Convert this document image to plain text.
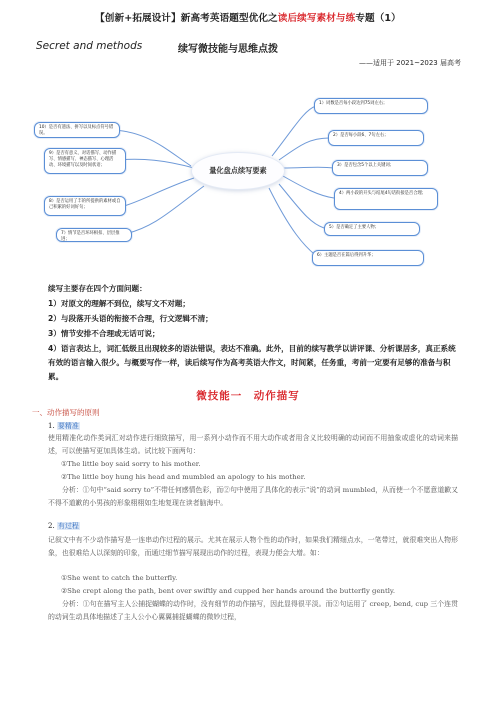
【创新+拓展设计】新高考英语题型优化之读后续写素材与练专题（1）
Secret and methods	续写微技能与思维点拨
——适用于 2021~2023 届高考
10）是否有遗法、拼写以及标点符号错误。
9）是否有意义、对话描写、动作描写、情感描写、神态描写、心理活动、环境描写以及时间状语；
8）是否运用了丰的所提供的素材或自己积累的好词好句；
7）情节是否环环相扣、层层推进；
量化盘点续写要素
1）词数是否每小段达到75词左右；
2）是否每小段6、7句左右；
3）是否包含5个以上关键词；
4）两小段的开头与结尾4句话衔接是否合理；
5）是否确定了主要人物；
6）主题是否在篇后得到升华；
续写主要存在四个方面问题：
1）对原文的理解不到位，续写文不对题；
2）与段落开头语的衔接不合理，行文逻辑不清；
3）情节安排不合理或无话可说；
4）语言表达上，词汇低级且出现较多的语法错误，表达不准确。此外，目前的续写教学以讲评课、分析课居多，真正系统有效的语言输入很少。与概要写作一样，读后续写作为高考英语大作文，时间紧，任务重，考前一定要有足够的准备与积累。
微技能一　动作描写
一、动作描写的原则
1. 要精准
使用精准化动作类词汇对动作进行细致描写，用一系列小动作而不用大动作或者用含义比较明确的动词而不用抽象或虚化的动词来描述，可以使描写更加具体生动。试比较下面两句：
①The little boy said sorry to his mother.
②The little boy hung his head and mumbled an apology to his mother.
分析：①句中“said sorry to”不带任何感情色彩，而②句中使用了具体化的表示“说”的动词 mumbled，从而使一个不愿意道歉又不得不道歉的小男孩的形象栩栩如生地复现在读者脑海中。
2. 有过程
记叙文中有不少动作描写是一连串动作过程的展示。尤其在展示人物个性的动作时，如果我们精细点水，一笔带过，就很难突出人物形象，也很难给人以深刻的印象，而通过细节描写展现出动作的过程，表现力便会大增。如：
①She went to catch the butterfly.
②She crept along the path, bent over swiftly and cupped her hands around the butterfly gently.
分析：①句在描写主人公捕捉蝴蝶的动作时，没有细节的动作描写，因此显得很平淡。而②句运用了 creep, bend, cup 三个连贯的动词生动具体地描述了主人公小心翼翼捕捉蝴蝶的微妙过程，
